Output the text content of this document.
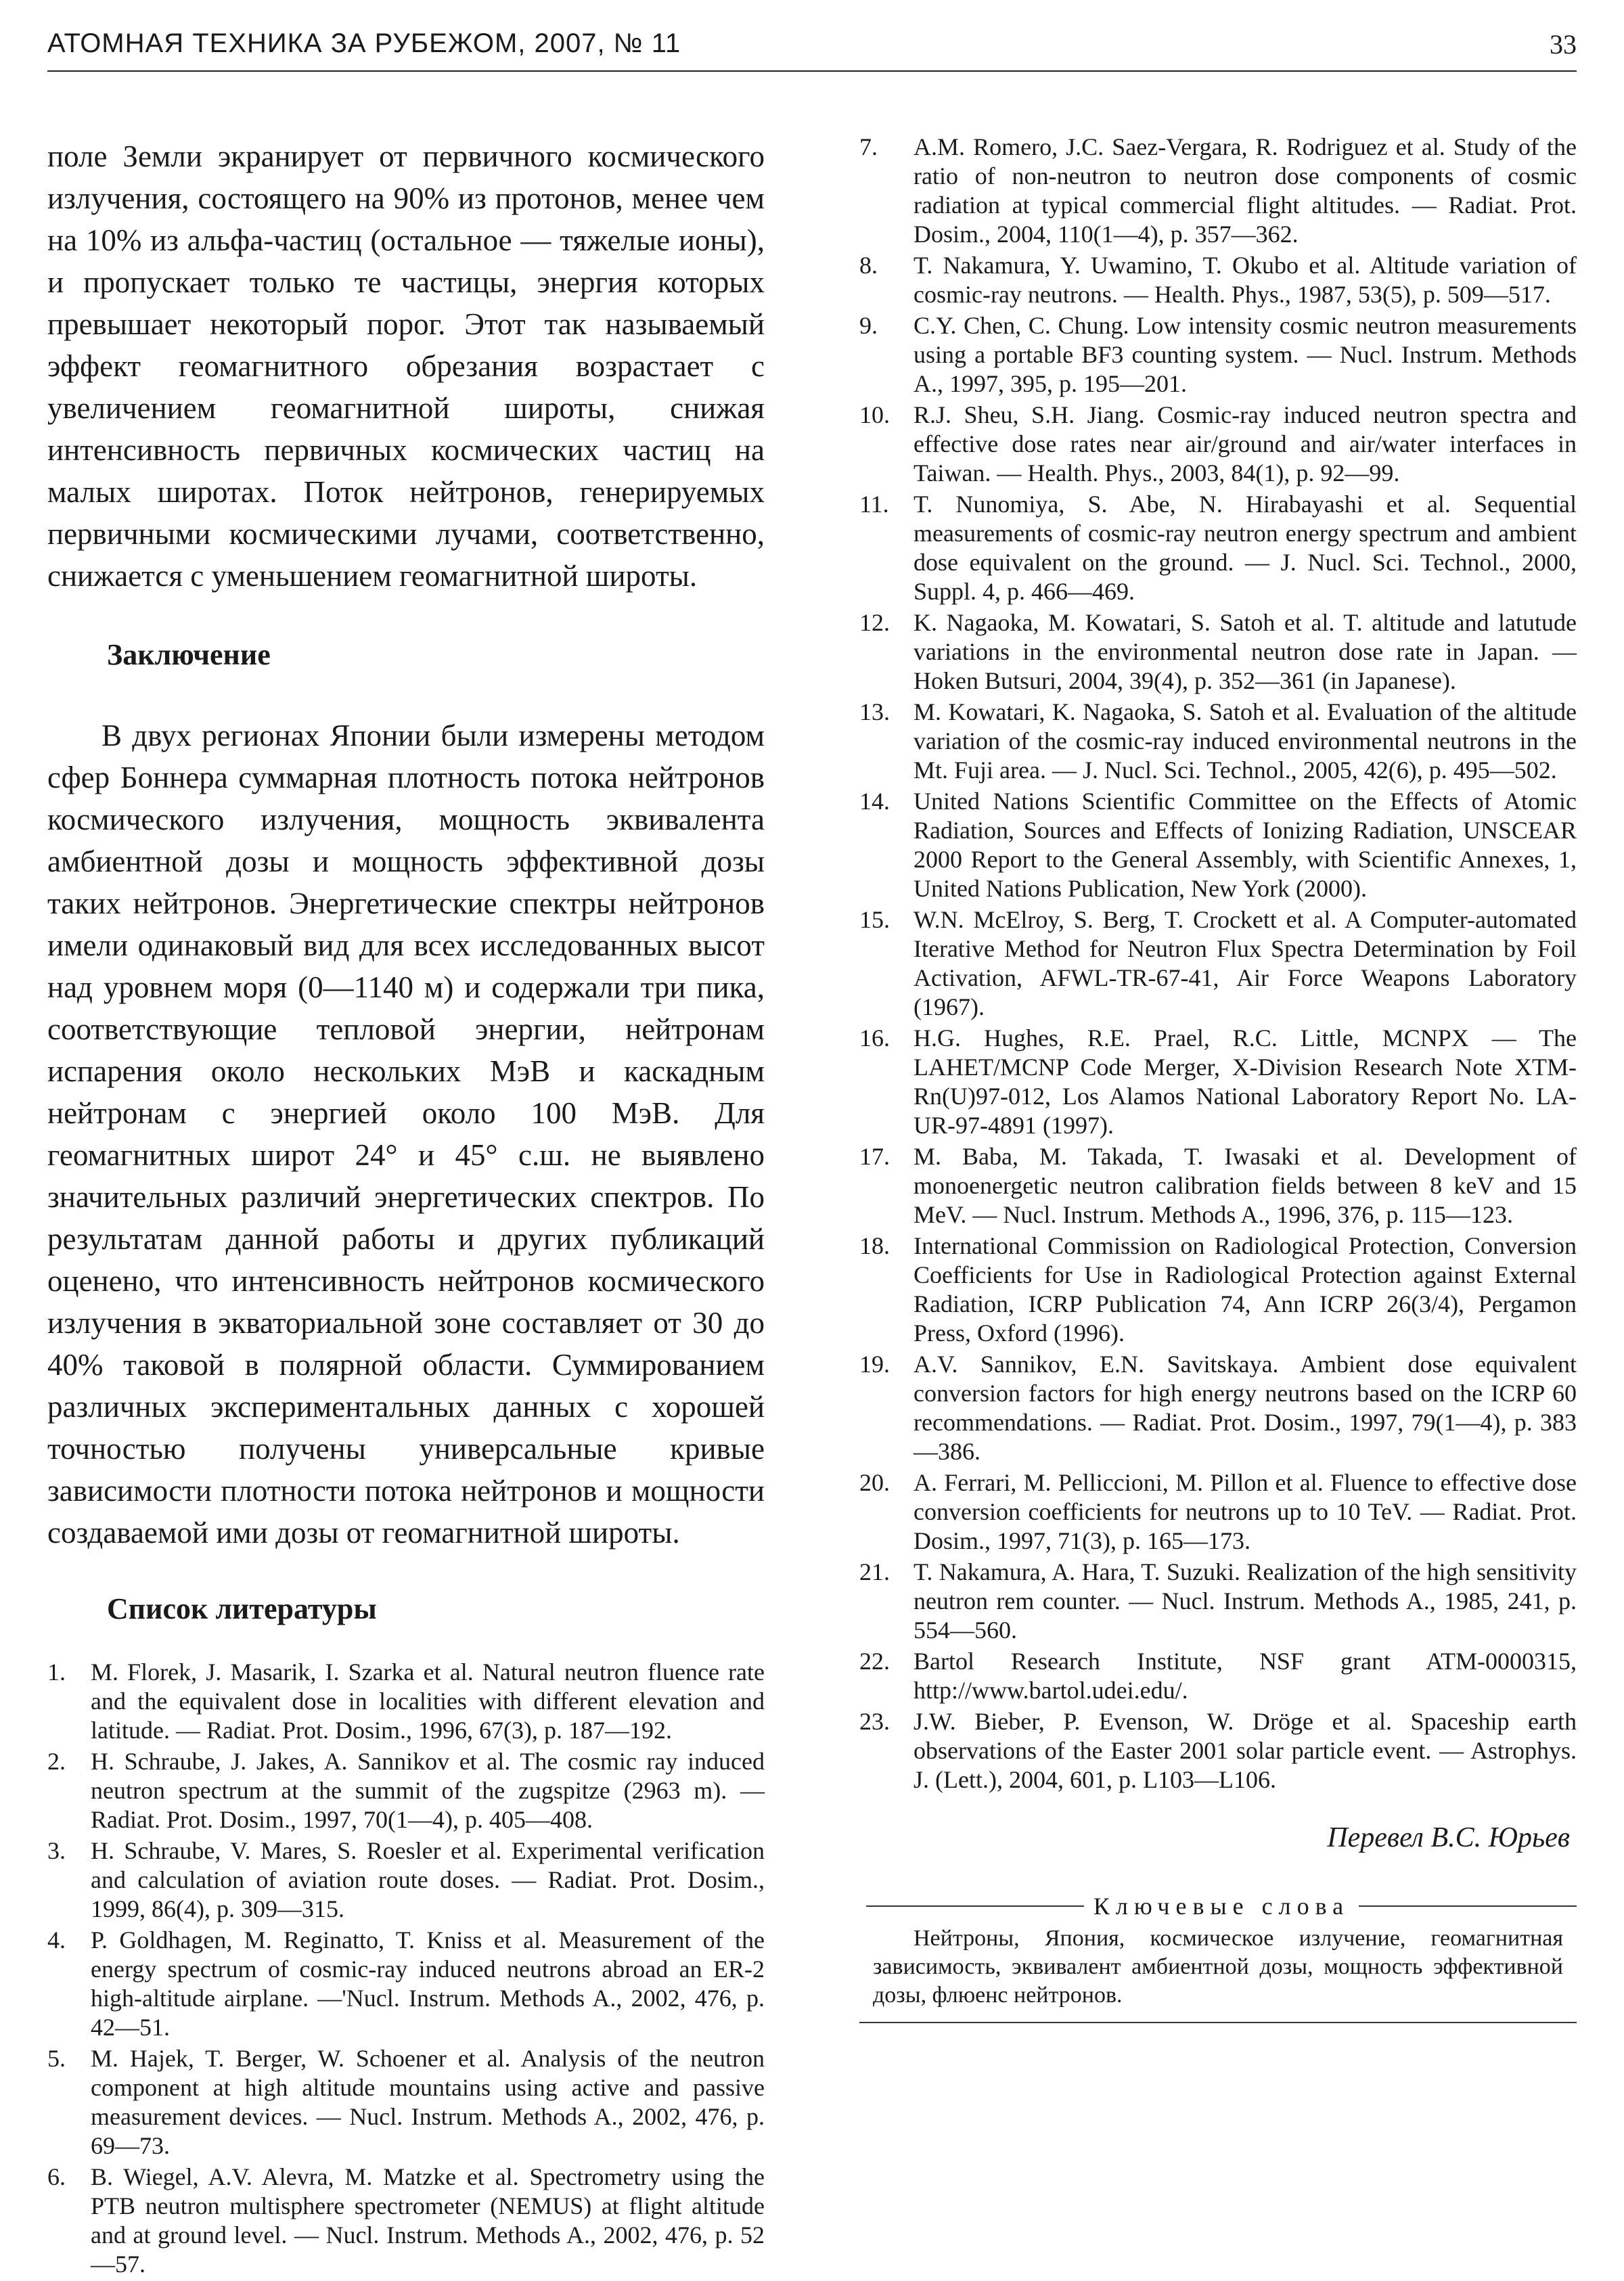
АТОМНАЯ ТЕХНИКА ЗА РУБЕЖОМ, 2007, № 11	33

поле Земли экранирует от первичного космического излучения, состоящего на 90% из протонов, менее чем на 10% из альфа-частиц (остальное — тяжелые ионы), и пропускает только те частицы, энергия которых превышает некоторый порог. Этот так называемый эффект геомагнитного обрезания возрастает с увеличением геомагнитной широты, снижая интенсивность первичных космических частиц на малых широтах. Поток нейтронов, генерируемых первичными космическими лучами, соответственно, снижается с уменьшением геомагнитной широты.

Заключение

В двух регионах Японии были измерены методом сфер Боннера суммарная плотность потока нейтронов космического излучения, мощность эквивалента амбиентной дозы и мощность эффективной дозы таких нейтронов. Энергетические спектры нейтронов имели одинаковый вид для всех исследованных высот над уровнем моря (0—1140 м) и содержали три пика, соответствующие тепловой энергии, нейтронам испарения около нескольких МэВ и каскадным нейтронам с энергией около 100 МэВ. Для геомагнитных широт 24° и 45° с.ш. не выявлено значительных различий энергетических спектров. По результатам данной работы и других публикаций оценено, что интенсивность нейтронов космического излучения в экваториальной зоне составляет от 30 до 40% таковой в полярной области. Суммированием различных экспериментальных данных с хорошей точностью получены универсальные кривые зависимости плотности потока нейтронов и мощности создаваемой ими дозы от геомагнитной широты.

Список литературы
1.	M. Florek, J. Masarik, I. Szarka et al. Natural neutron fluence rate and the equivalent dose in localities with different elevation and latitude. — Radiat. Prot. Dosim., 1996, 67(3), p. 187—192.
2.	H. Schraube, J. Jakes, A. Sannikov et al. The cosmic ray induced neutron spectrum at the summit of the zugspitze (2963 m). — Radiat. Prot. Dosim., 1997, 70(1—4), p. 405—408.
3.	H. Schraube, V. Mares, S. Roesler et al. Experimental verification and calculation of aviation route doses. — Radiat. Prot. Dosim., 1999, 86(4), p. 309—315.
4.	P. Goldhagen, M. Reginatto, T. Kniss et al. Measurement of the energy spectrum of cosmic-ray induced neutrons abroad an ER-2 high-altitude airplane. —'Nucl. Instrum. Methods A., 2002, 476, p. 42—51.
5.	M. Hajek, T. Berger, W. Schoener et al. Analysis of the neutron component at high altitude mountains using active and passive measurement devices. — Nucl. Instrum. Methods A., 2002, 476, p. 69—73.
6.	B. Wiegel, A.V. Alevra, M. Matzke et al. Spectrometry using the PTB neutron multisphere spectrometer (NEMUS) at flight altitude and at ground level. — Nucl. Instrum. Methods A., 2002, 476, p. 52—57.
7.	A.M. Romero, J.C. Saez-Vergara, R. Rodriguez et al. Study of the ratio of non-neutron to neutron dose components of cosmic radiation at typical commercial flight altitudes. — Radiat. Prot. Dosim., 2004, 110(1—4), p. 357—362.
8.	T. Nakamura, Y. Uwamino, T. Okubo et al. Altitude variation of cosmic-ray neutrons. — Health. Phys., 1987, 53(5), p. 509—517.
9.	C.Y. Chen, C. Chung. Low intensity cosmic neutron measurements using a portable BF3 counting system. — Nucl. Instrum. Methods A., 1997, 395, p. 195—201.
10. R.J. Sheu, S.H. Jiang. Cosmic-ray induced neutron spectra and effective dose rates near air/ground and air/water interfaces in Taiwan. — Health. Phys., 2003, 84(1), p. 92—99.
11.	T. Nunomiya, S. Abe, N. Hirabayashi et al. Sequential measurements of cosmic-ray neutron energy spectrum and ambient dose equivalent on the ground. — J. Nucl. Sci. Technol., 2000, Suppl. 4, p. 466—469.
12. K. Nagaoka, M. Kowatari, S. Satoh et al. T. altitude and latutude variations in the environmental neutron dose rate in Japan. — Hoken Butsuri, 2004, 39(4), p. 352—361 (in Japanese).
13. M. Kowatari, K. Nagaoka, S. Satoh et al. Evaluation of the altitude variation of the cosmic-ray induced environmental neutrons in the Mt. Fuji area. — J. Nucl. Sci. Technol., 2005, 42(6), p. 495—502.
14. United Nations Scientific Committee on the Effects of Atomic Radiation, Sources and Effects of Ionizing Radiation, UNSCEAR 2000 Report to the General Assembly, with Scientific Annexes, 1, United Nations Publication, New York (2000).
15. W.N. McElroy, S. Berg, T. Crockett et al. A Computer-automated Iterative Method for Neutron Flux Spectra Determination by Foil Activation, AFWL-TR-67-41, Air Force Weapons Laboratory (1967).
16. H.G. Hughes, R.E. Prael, R.C. Little, MCNPX — The LAHET/MCNP Code Merger, X-Division Research Note XTM-Rn(U)97-012, Los Alamos National Laboratory Report No. LA-UR-97-4891 (1997).
17. M. Baba, M. Takada, T. Iwasaki et al. Development of monoenergetic neutron calibration fields between 8 keV and 15 MeV. — Nucl. Instrum. Methods A., 1996, 376, p. 115—123.
18. International Commission on Radiological Protection, Conversion Coefficients for Use in Radiological Protection against External Radiation, ICRP Publication 74, Ann ICRP 26(3/4), Pergamon Press, Oxford (1996).
19. A.V. Sannikov, E.N. Savitskaya. Ambient dose equivalent conversion factors for high energy neutrons based on the ICRP 60 recommendations. — Radiat. Prot. Dosim., 1997, 79(1—4), p. 383—386.
20. A. Ferrari, M. Pelliccioni, M. Pillon et al. Fluence to effective dose conversion coefficients for neutrons up to 10 TeV. — Radiat. Prot. Dosim., 1997, 71(3), p. 165—173.
21. T. Nakamura, A. Hara, T. Suzuki. Realization of the high sensitivity neutron rem counter. — Nucl. Instrum. Methods A., 1985, 241, p. 554—560.
22. Bartol Research Institute, NSF grant ATM-0000315, http://www.bartol.udei.edu/.
23. J.W. Bieber, P. Evenson, W. Dröge et al. Spaceship earth observations of the Easter 2001 solar particle event. — Astrophys. J. (Lett.), 2004, 601, p. L103—L106.
Перевел В.С. Юрьев
Ключевые слова
Нейтроны, Япония, космическое излучение, геомагнитная зависимость, эквивалент амбиентной дозы, мощность эффективной дозы, флюенс нейтронов.
